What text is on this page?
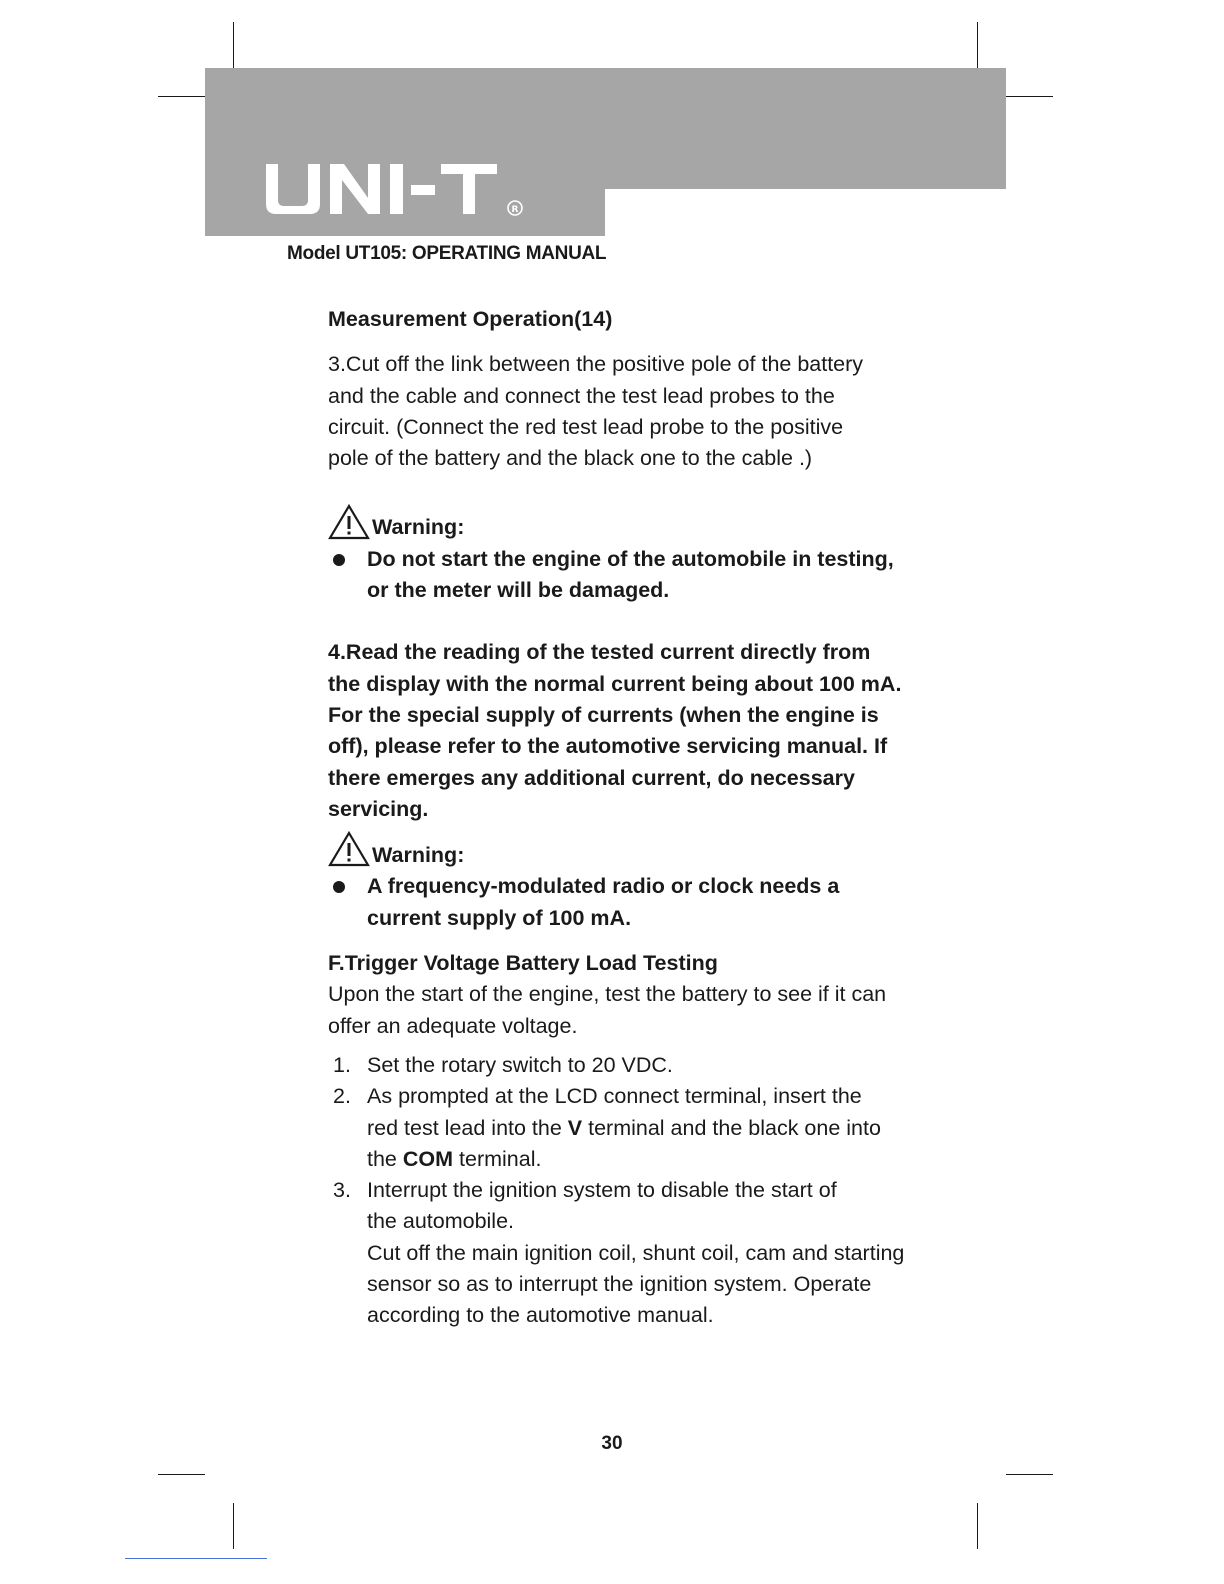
R
UNI-T
Model UT105: OPERATING MANUAL

Measurement Operation(14)

3.Cut off the link between the positive pole of the battery and the cable and connect the test lead probes to the circuit. (Connect the red test lead probe to the positive pole of the battery and the black one to the cable .)

Warning:
Do not start the engine of the automobile in testing, or the meter will be damaged.

4.Read the reading of the tested current directly from the display with the normal current being about 100 mA. For the special supply of currents (when the engine is off), please refer to the automotive servicing manual. If there emerges any additional current, do necessary servicing.

Warning:
A frequency-modulated radio or clock needs a current supply of 100 mA.

F.Trigger Voltage Battery Load Testing

Upon the start of the engine, test the battery to see if it can offer an adequate voltage.

1. Set the rotary switch to 20 VDC.
2. As prompted at the LCD connect terminal, insert the red test lead into the V terminal and the black one into the COM terminal.
3. Interrupt the ignition system to disable the start of the automobile.
Cut off the main ignition coil, shunt coil, cam and starting sensor so as to interrupt the ignition system. Operate according to the automotive manual.
30
